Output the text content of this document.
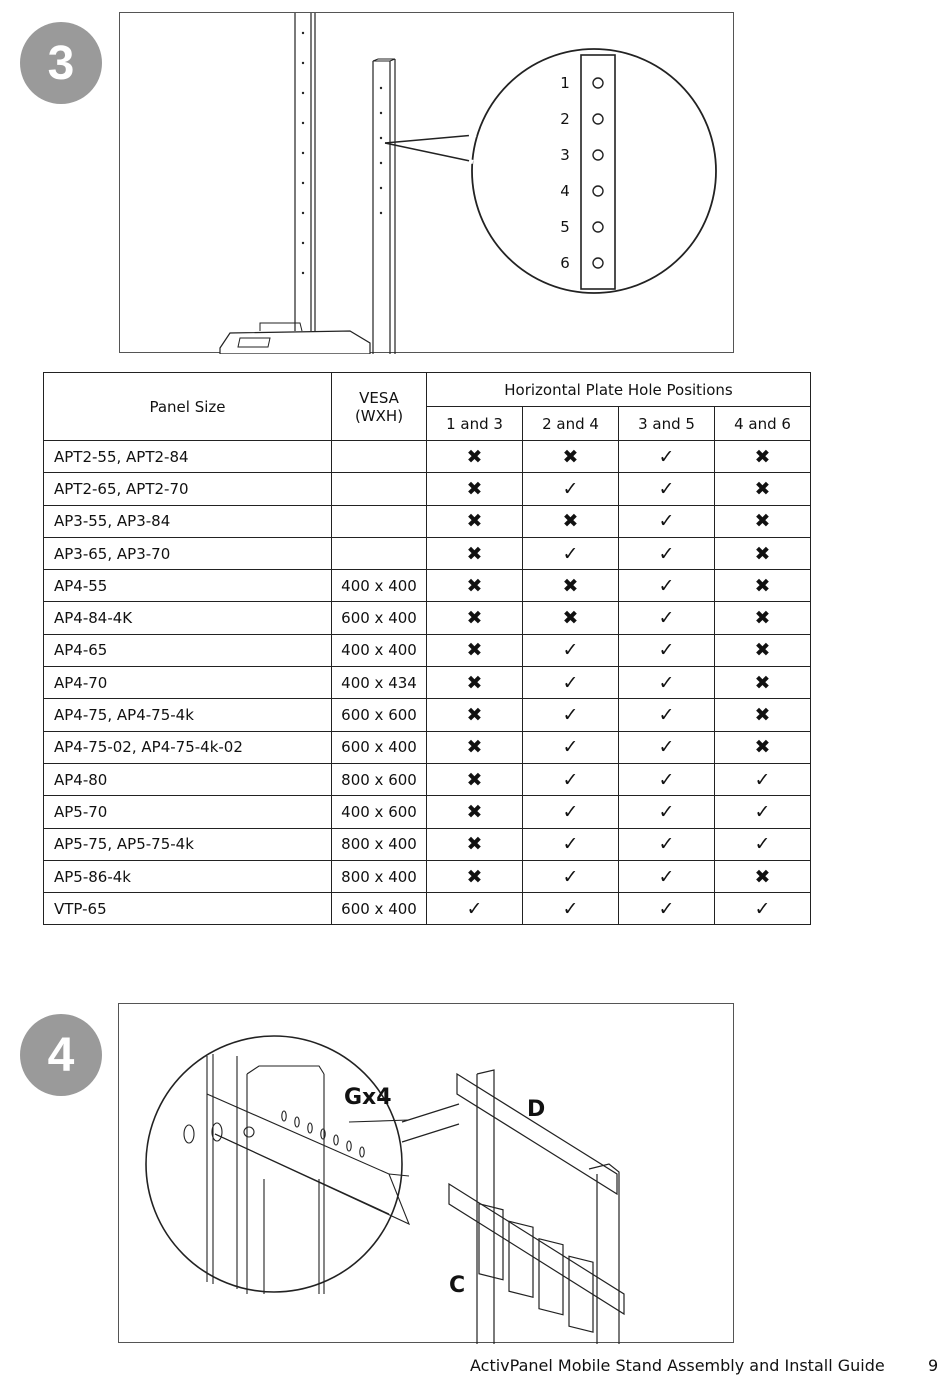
3
4
1
2
3
4
5
6
Panel Size	VESA
(WXH)	Horizontal Plate Hole Positions			
		1 and 3	2 and 4	3 and 5	4 and 6
APT2-55, APT2-84		✖	✖	✓	✖
APT2-65, APT2-70		✖	✓	✓	✖
AP3-55, AP3-84		✖	✖	✓	✖
AP3-65, AP3-70		✖	✓	✓	✖
AP4-55	400 x 400	✖	✖	✓	✖
AP4-84-4K	600 x 400	✖	✖	✓	✖
AP4-65	400 x 400	✖	✓	✓	✖
AP4-70	400 x 434	✖	✓	✓	✖
AP4-75, AP4-75-4k	600 x 600	✖	✓	✓	✖
AP4-75-02, AP4-75-4k-02	600 x 400	✖	✓	✓	✖
AP4-80	800 x 600	✖	✓	✓	✓
AP5-70	400 x 600	✖	✓	✓	✓
AP5-75, AP5-75-4k	800 x 400	✖	✓	✓	✓
AP5-86-4k	800 x 400	✖	✓	✓	✖
VTP-65	600 x 400	✓	✓	✓	✓
Gx4	D
C
ActivPanel Mobile Stand Assembly and Install Guide	9
